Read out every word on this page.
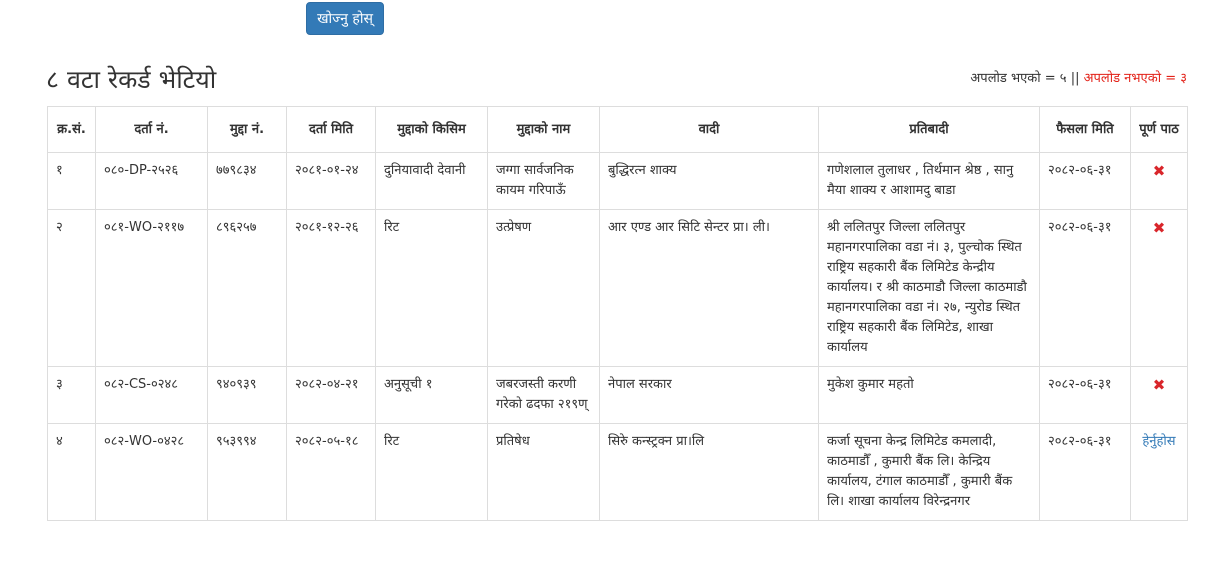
खोज्नु होस्
८ वटा रेकर्ड भेटियो	अपलोड भएको = ५ || अपलोड नभएको = ३
क्र.सं.	दर्ता नं.	मुद्दा नं.	दर्ता मिति	मुद्दाको किसिम	मुद्दाको नाम	वादी	प्रतिबादी	फैसला मिति	पूर्ण पाठ
१	०८०-DP-२५२६	७७९८३४	२०८१-०१-२४	दुनियावादी देवानी	जग्गा सार्वजनिक कायम गरिपाऊँ	बुद्धिरत्न शाक्य	गणेशलाल तुलाधर , तिर्थमान श्रेष्ठ , सानु मैया शाक्य र आशामदु बाडा	२०८२-०६-३१	✖
२	०८१-WO-२११७	८९६२५७	२०८१-१२-२६	रिट	उत्प्रेषण	आर एण्ड आर सिटि सेन्टर प्रा। ली।	श्री ललितपुर जिल्ला ललितपुर महानगरपालिका वडा नं। ३, पुल्चोक स्थित राष्ट्रिय सहकारी बैंक लिमिटेड केन्द्रीय कार्यालय। र श्री काठमाडौ जिल्ला काठमाडौ महानगरपालिका वडा नं। २७, न्युरोड स्थित राष्ट्रिय सहकारी बैंक लिमिटेड, शाखा कार्यालय	२०८२-०६-३१	✖
३	०८२-CS-०२४८	९४०९३९	२०८२-०४-२१	अनुसूची १	जबरजस्ती करणी गरेको ढदफा २१९ण्	नेपाल सरकार	मुकेश कुमार महतो	२०८२-०६-३१	✖
४	०८२-WO-०४२८	९५३९९४	२०८२-०५-१८	रिट	प्रतिषेध	सिरुे कन्स्ट्रक्न प्रा।लि	कर्जा सूचना केन्द्र लिमिटेड कमलादी, काठमाडौँ , कुमारी बैंक लि। केन्द्रिय कार्यालय, टंगाल काठमाडौँ , कुमारी बैंक लि। शाखा कार्यालय विरेन्द्रनगर	२०८२-०६-३१	हेर्नुहोस
